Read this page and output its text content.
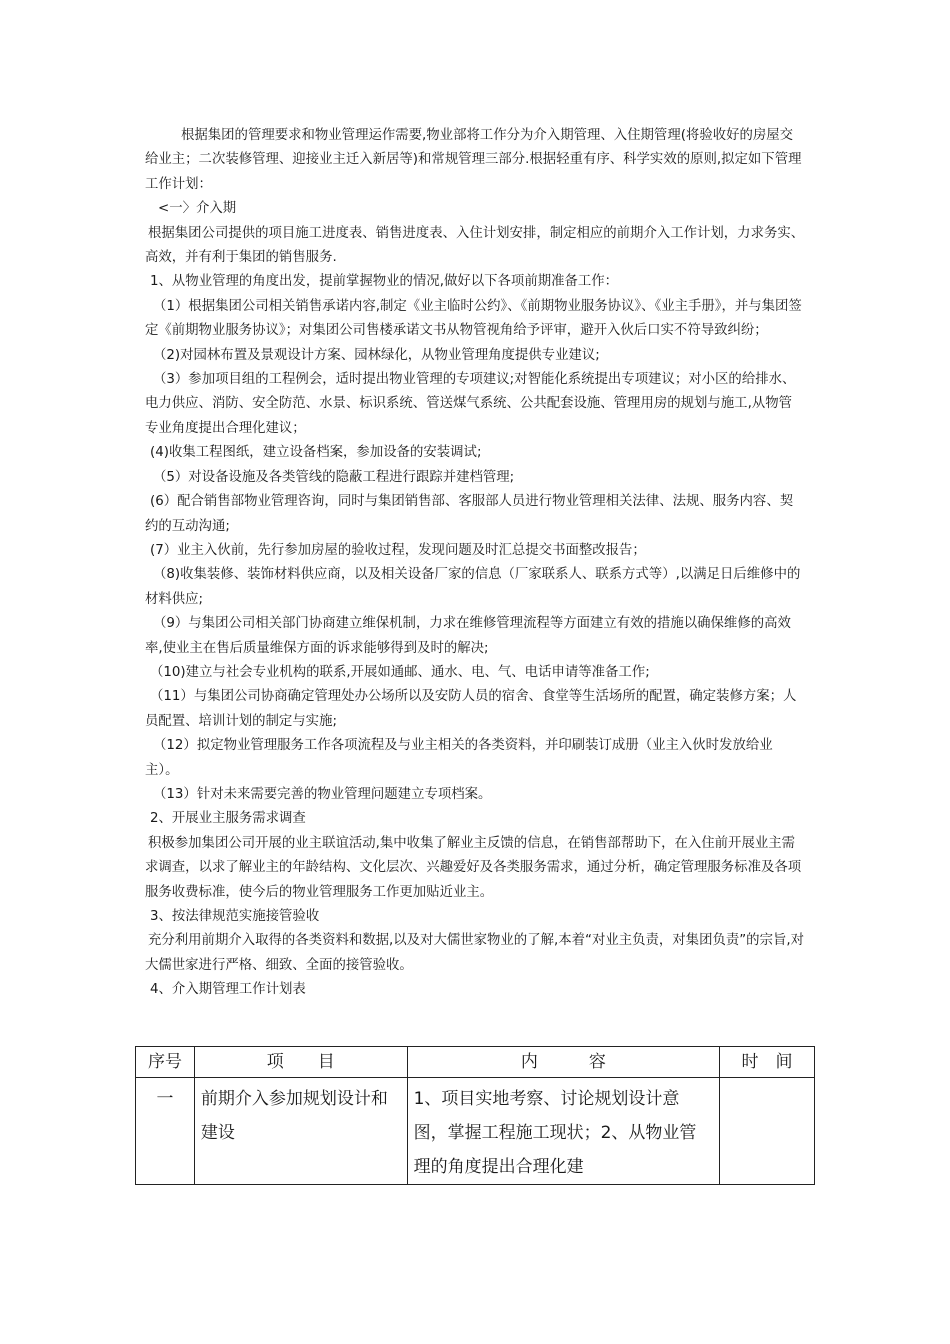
根据集团的管理要求和物业管理运作需要,物业部将工作分为介入期管理、入住期管理(将验收好的房屋交给业主；二次装修管理、迎接业主迁入新居等)和常规管理三部分.根据轻重有序、科学实效的原则,拟定如下管理工作计划：

<一〉介入期

根据集团公司提供的项目施工进度表、销售进度表、入住计划安排，制定相应的前期介入工作计划，力求务实、高效，并有利于集团的销售服务.

1、从物业管理的角度出发，提前掌握物业的情况,做好以下各项前期准备工作：

（1）根据集团公司相关销售承诺内容,制定《业主临时公约》、《前期物业服务协议》、《业主手册》，并与集团签定《前期物业服务协议》；对集团公司售楼承诺文书从物管视角给予评审，避开入伙后口实不符导致纠纷；

（2)对园林布置及景观设计方案、园林绿化，从物业管理角度提供专业建议;

（3）参加项目组的工程例会，适时提出物业管理的专项建议;对智能化系统提出专项建议；对小区的给排水、电力供应、消防、安全防范、水景、标识系统、管送煤气系统、公共配套设施、管理用房的规划与施工,从物管专业角度提出合理化建议；

(4)收集工程图纸，建立设备档案，参加设备的安装调试;

（5）对设备设施及各类管线的隐蔽工程进行跟踪并建档管理;

(6）配合销售部物业管理咨询，同时与集团销售部、客服部人员进行物业管理相关法律、法规、服务内容、契约的互动沟通;

(7）业主入伙前，先行参加房屋的验收过程，发现问题及时汇总提交书面整改报告；

（8)收集装修、装饰材料供应商，以及相关设备厂家的信息（厂家联系人、联系方式等）,以满足日后维修中的材料供应;

（9）与集团公司相关部门协商建立维保机制，力求在维修管理流程等方面建立有效的措施以确保维修的高效率,使业主在售后质量维保方面的诉求能够得到及时的解决;

（10)建立与社会专业机构的联系,开展如通邮、通水、电、气、电话申请等准备工作;

（11）与集团公司协商确定管理处办公场所以及安防人员的宿舍、食堂等生活场所的配置，确定装修方案；人员配置、培训计划的制定与实施;

（12）拟定物业管理服务工作各项流程及与业主相关的各类资料，并印刷装订成册（业主入伙时发放给业主）。

（13）针对未来需要完善的物业管理问题建立专项档案。

2、开展业主服务需求调查

积极参加集团公司开展的业主联谊活动,集中收集了解业主反馈的信息，在销售部帮助下，在入住前开展业主需求调查，以求了解业主的年龄结构、文化层次、兴趣爱好及各类服务需求，通过分析，确定管理服务标准及各项服务收费标准，使今后的物业管理服务工作更加贴近业主。

3、按法律规范实施接管验收

充分利用前期介入取得的各类资料和数据,以及对大儒世家物业的了解,本着“对业主负责，对集团负责”的宗旨,对大儒世家进行严格、细致、全面的接管验收。

4、介入期管理工作计划表

序号	项　　目	内　　　容	时　间
一	前期介入参加规划设计和建设	1、项目实地考察、讨论规划设计意图，掌握工程施工现状；2、从物业管理的角度提出合理化建	
